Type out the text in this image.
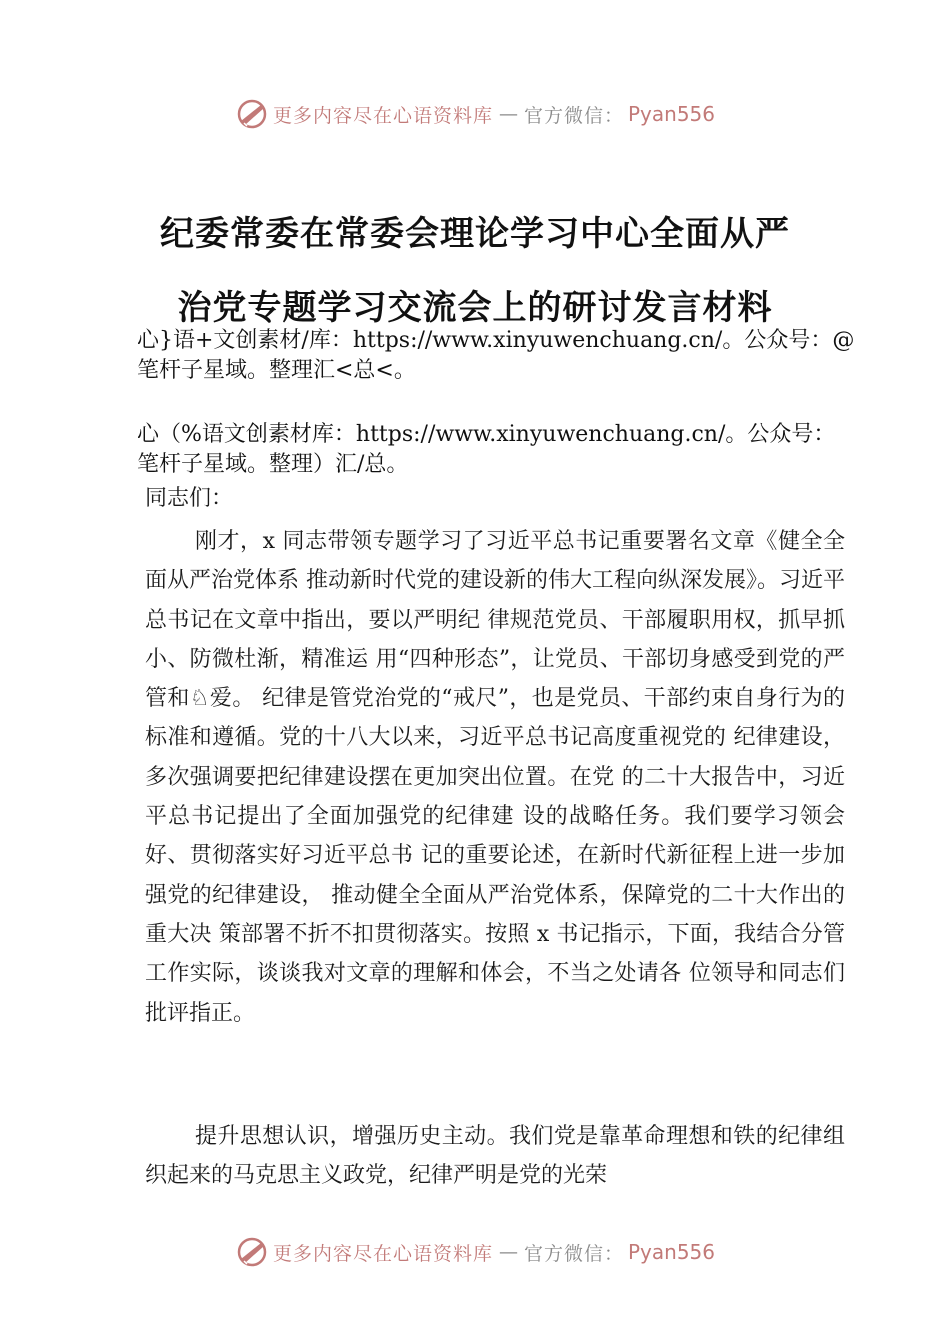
更多内容尽在心语资料库 — 官方微信： Pyan556
纪委常委在常委会理论学习中心全面从严
治党专题学习交流会上的研讨发言材料
心}语+文创素材/库：https://www.xinyuwenchuang.cn/。公众号：@笔杆子星域。整理汇<总<。
心（%语文创素材库：https://www.xinyuwenchuang.cn/。公众号：笔杆子星域。整理）汇/总。
同志们：
刚才，x 同志带领专题学习了习近平总书记重要署名文章《健全全面从严治党体系 推动新时代党的建设新的伟大工程向纵深发展》。习近平总书记在文章中指出，要以严明纪 律规范党员、干部履职用权，抓早抓小、防微杜渐，精准运 用“四种形态”，让党员、干部切身感受到党的严管和♘爱。 纪律是管党治党的“戒尺”，也是党员、干部约束自身行为的 标准和遵循。党的十八大以来，习近平总书记高度重视党的 纪律建设，多次强调要把纪律建设摆在更加突出位置。在党 的二十大报告中，习近平总书记提出了全面加强党的纪律建 设的战略任务。我们要学习领会好、贯彻落实好习近平总书 记的重要论述，在新时代新征程上进一步加强党的纪律建设， 推动健全全面从严治党体系，保障党的二十大作出的重大决 策部署不折不扣贯彻落实。按照 x 书记指示，下面，我结合分管工作实际，谈谈我对文章的理解和体会，不当之处请各 位领导和同志们批评指正。
提升思想认识，增强历史主动。我们党是靠革命理想和铁的纪律组织起来的马克思主义政党，纪律严明是党的光荣
更多内容尽在心语资料库 — 官方微信： Pyan556
